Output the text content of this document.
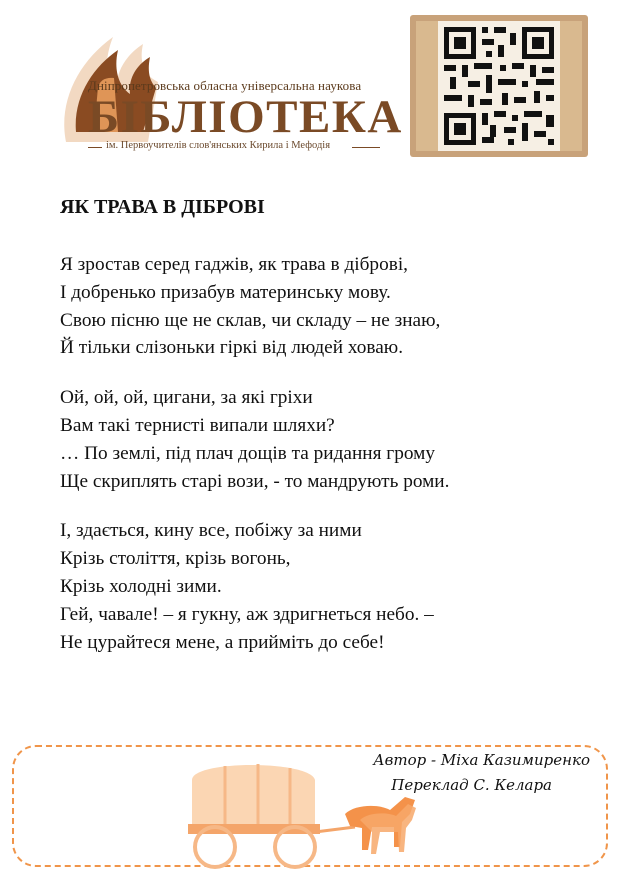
Дніпропетровська обласна універсальна наукова
БІБЛІОТЕКА
ім. Первоучителів слов'янських Кирила і Мефодія
ЯК ТРАВА В ДІБРОВІ
Я зростав серед гаджів, як трава в діброві,
І добренько призабув материнську мову.
Свою пісню ще не склав, чи складу – не знаю,
Й тільки слізоньки гіркі від людей ховаю.
Ой, ой, ой, цигани, за які гріхи
Вам такі тернисті випали шляхи?
… По землі, під плач дощів та ридання грому
Ще скриплять старі вози, - то мандрують роми.
І, здається, кину все, побіжу за ними
Крізь століття, крізь вогонь,
Крізь холодні зими.
Гей, чавале! – я гукну, аж здригнеться небо. –
Не цурайтеся мене, а прийміть до себе!
Автор - Міха Казимиренко
Переклад С. Келара
